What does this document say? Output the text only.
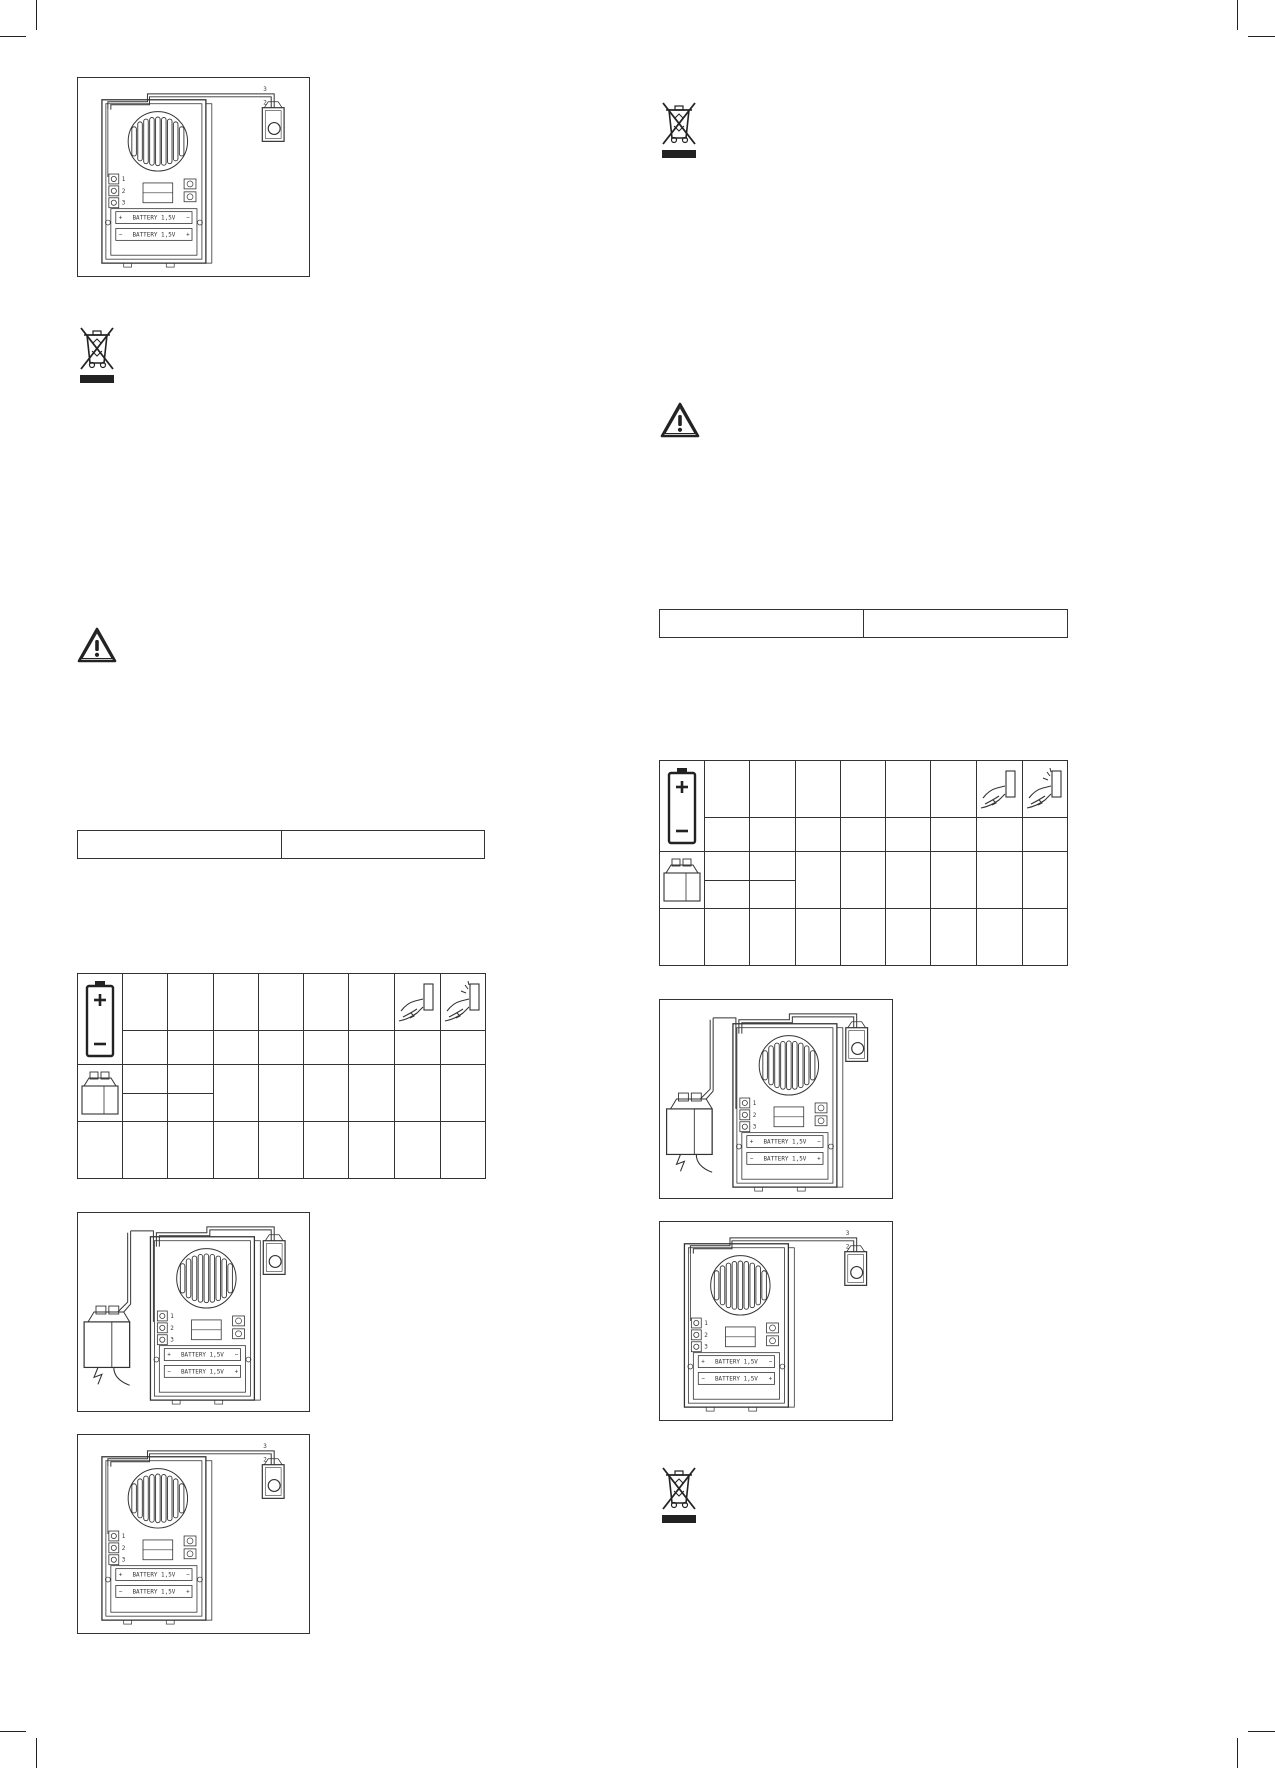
1
2
3
BATTERY 1,5V
BATTERY 1,5V
+	−
−	+
3
2

1
2
3
BATTERY 1,5V
BATTERY 1,5V
+	−
−	+
1
2
3
BATTERY 1,5V
BATTERY 1,5V
+	−
−	+
3
2

1
2
3
BATTERY 1,5V
BATTERY 1,5V
+	−
−	+
1
2
3
BATTERY 1,5V
BATTERY 1,5V
+	−
−	+
3
2
